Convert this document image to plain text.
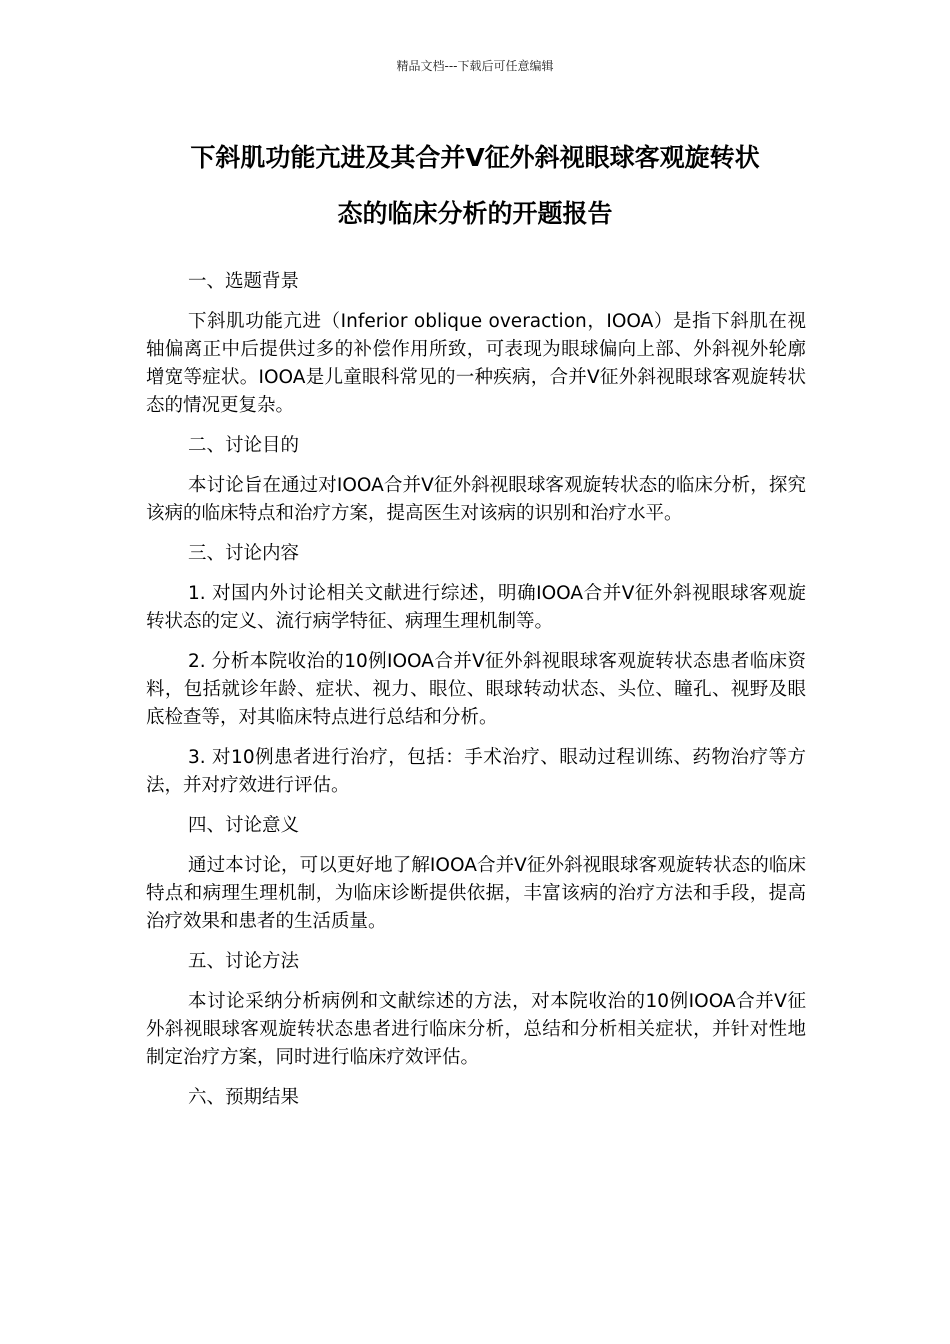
精品文档---下载后可任意编辑
下斜肌功能亢进及其合并Ⅴ征外斜视眼球客观旋转状
态的临床分析的开题报告

一、选题背景

下斜肌功能亢进（Inferior oblique overaction，IOOA）是指下斜肌在视轴偏离正中后提供过多的补偿作用所致，可表现为眼球偏向上部、外斜视外轮廓增宽等症状。IOOA是儿童眼科常见的一种疾病，合并Ⅴ征外斜视眼球客观旋转状态的情况更复杂。

二、讨论目的

本讨论旨在通过对IOOA合并Ⅴ征外斜视眼球客观旋转状态的临床分析，探究该病的临床特点和治疗方案，提高医生对该病的识别和治疗水平。

三、讨论内容

1. 对国内外讨论相关文献进行综述，明确IOOA合并Ⅴ征外斜视眼球客观旋转状态的定义、流行病学特征、病理生理机制等。

2. 分析本院收治的10例IOOA合并Ⅴ征外斜视眼球客观旋转状态患者临床资料，包括就诊年龄、症状、视力、眼位、眼球转动状态、头位、瞳孔、视野及眼底检查等，对其临床特点进行总结和分析。

3. 对10例患者进行治疗，包括：手术治疗、眼动过程训练、药物治疗等方法，并对疗效进行评估。

四、讨论意义

通过本讨论，可以更好地了解IOOA合并Ⅴ征外斜视眼球客观旋转状态的临床特点和病理生理机制，为临床诊断提供依据，丰富该病的治疗方法和手段，提高治疗效果和患者的生活质量。

五、讨论方法

本讨论采纳分析病例和文献综述的方法，对本院收治的10例IOOA合并Ⅴ征外斜视眼球客观旋转状态患者进行临床分析，总结和分析相关症状，并针对性地制定治疗方案，同时进行临床疗效评估。

六、预期结果
